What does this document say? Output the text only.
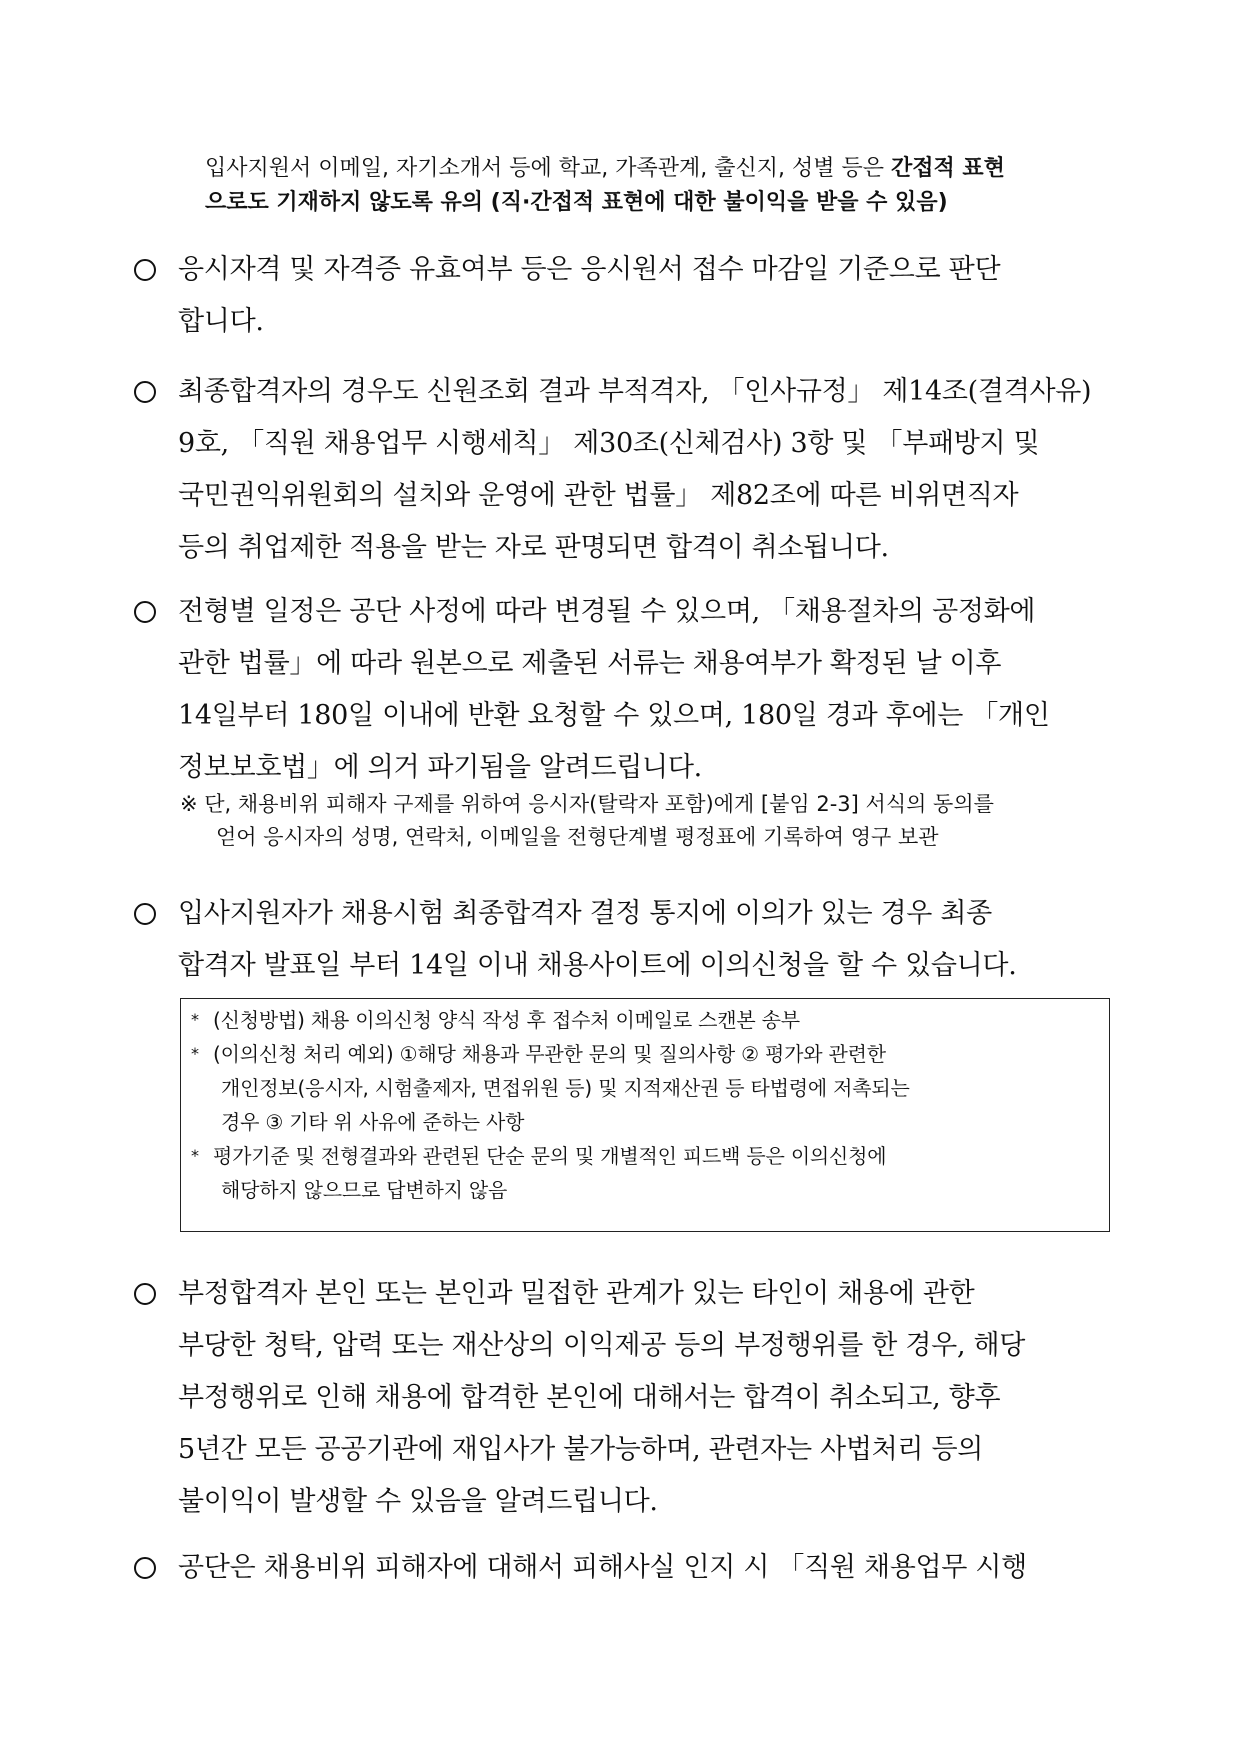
입사지원서 이메일, 자기소개서 등에 학교, 가족관계, 출신지, 성별 등은 간접적 표현
으로도 기재하지 않도록 유의 (직·간접적 표현에 대한 불이익을 받을 수 있음)
응시자격 및 자격증 유효여부 등은 응시원서 접수 마감일 기준으로 판단
합니다.
최종합격자의 경우도 신원조회 결과 부적격자, 「인사규정」 제14조(결격사유)
9호, 「직원 채용업무 시행세칙」 제30조(신체검사) 3항 및 「부패방지 및
국민권익위원회의 설치와 운영에 관한 법률」 제82조에 따른 비위면직자
등의 취업제한 적용을 받는 자로 판명되면 합격이 취소됩니다.
전형별 일정은 공단 사정에 따라 변경될 수 있으며, 「채용절차의 공정화에
관한 법률」에 따라 원본으로 제출된 서류는 채용여부가 확정된 날 이후
14일부터 180일 이내에 반환 요청할 수 있으며, 180일 경과 후에는 「개인
정보보호법」에 의거 파기됨을 알려드립니다.
※ 단, 채용비위 피해자 구제를 위하여 응시자(탈락자 포함)에게 [붙임 2-3] 서식의 동의를
얻어 응시자의 성명, 연락처, 이메일을 전형단계별 평정표에 기록하여 영구 보관
입사지원자가 채용시험 최종합격자 결정 통지에 이의가 있는 경우 최종
합격자 발표일 부터 14일 이내 채용사이트에 이의신청을 할 수 있습니다.
* (신청방법) 채용 이의신청 양식 작성 후 접수처 이메일로 스캔본 송부
* (이의신청 처리 예외) ①해당 채용과 무관한 문의 및 질의사항 ② 평가와 관련한
개인정보(응시자, 시험출제자, 면접위원 등) 및 지적재산권 등 타법령에 저촉되는
경우 ③ 기타 위 사유에 준하는 사항
* 평가기준 및 전형결과와 관련된 단순 문의 및 개별적인 피드백 등은 이의신청에
해당하지 않으므로 답변하지 않음
부정합격자 본인 또는 본인과 밀접한 관계가 있는 타인이 채용에 관한
부당한 청탁, 압력 또는 재산상의 이익제공 등의 부정행위를 한 경우, 해당
부정행위로 인해 채용에 합격한 본인에 대해서는 합격이 취소되고, 향후
5년간 모든 공공기관에 재입사가 불가능하며, 관련자는 사법처리 등의
불이익이 발생할 수 있음을 알려드립니다.
공단은 채용비위 피해자에 대해서 피해사실 인지 시 「직원 채용업무 시행
